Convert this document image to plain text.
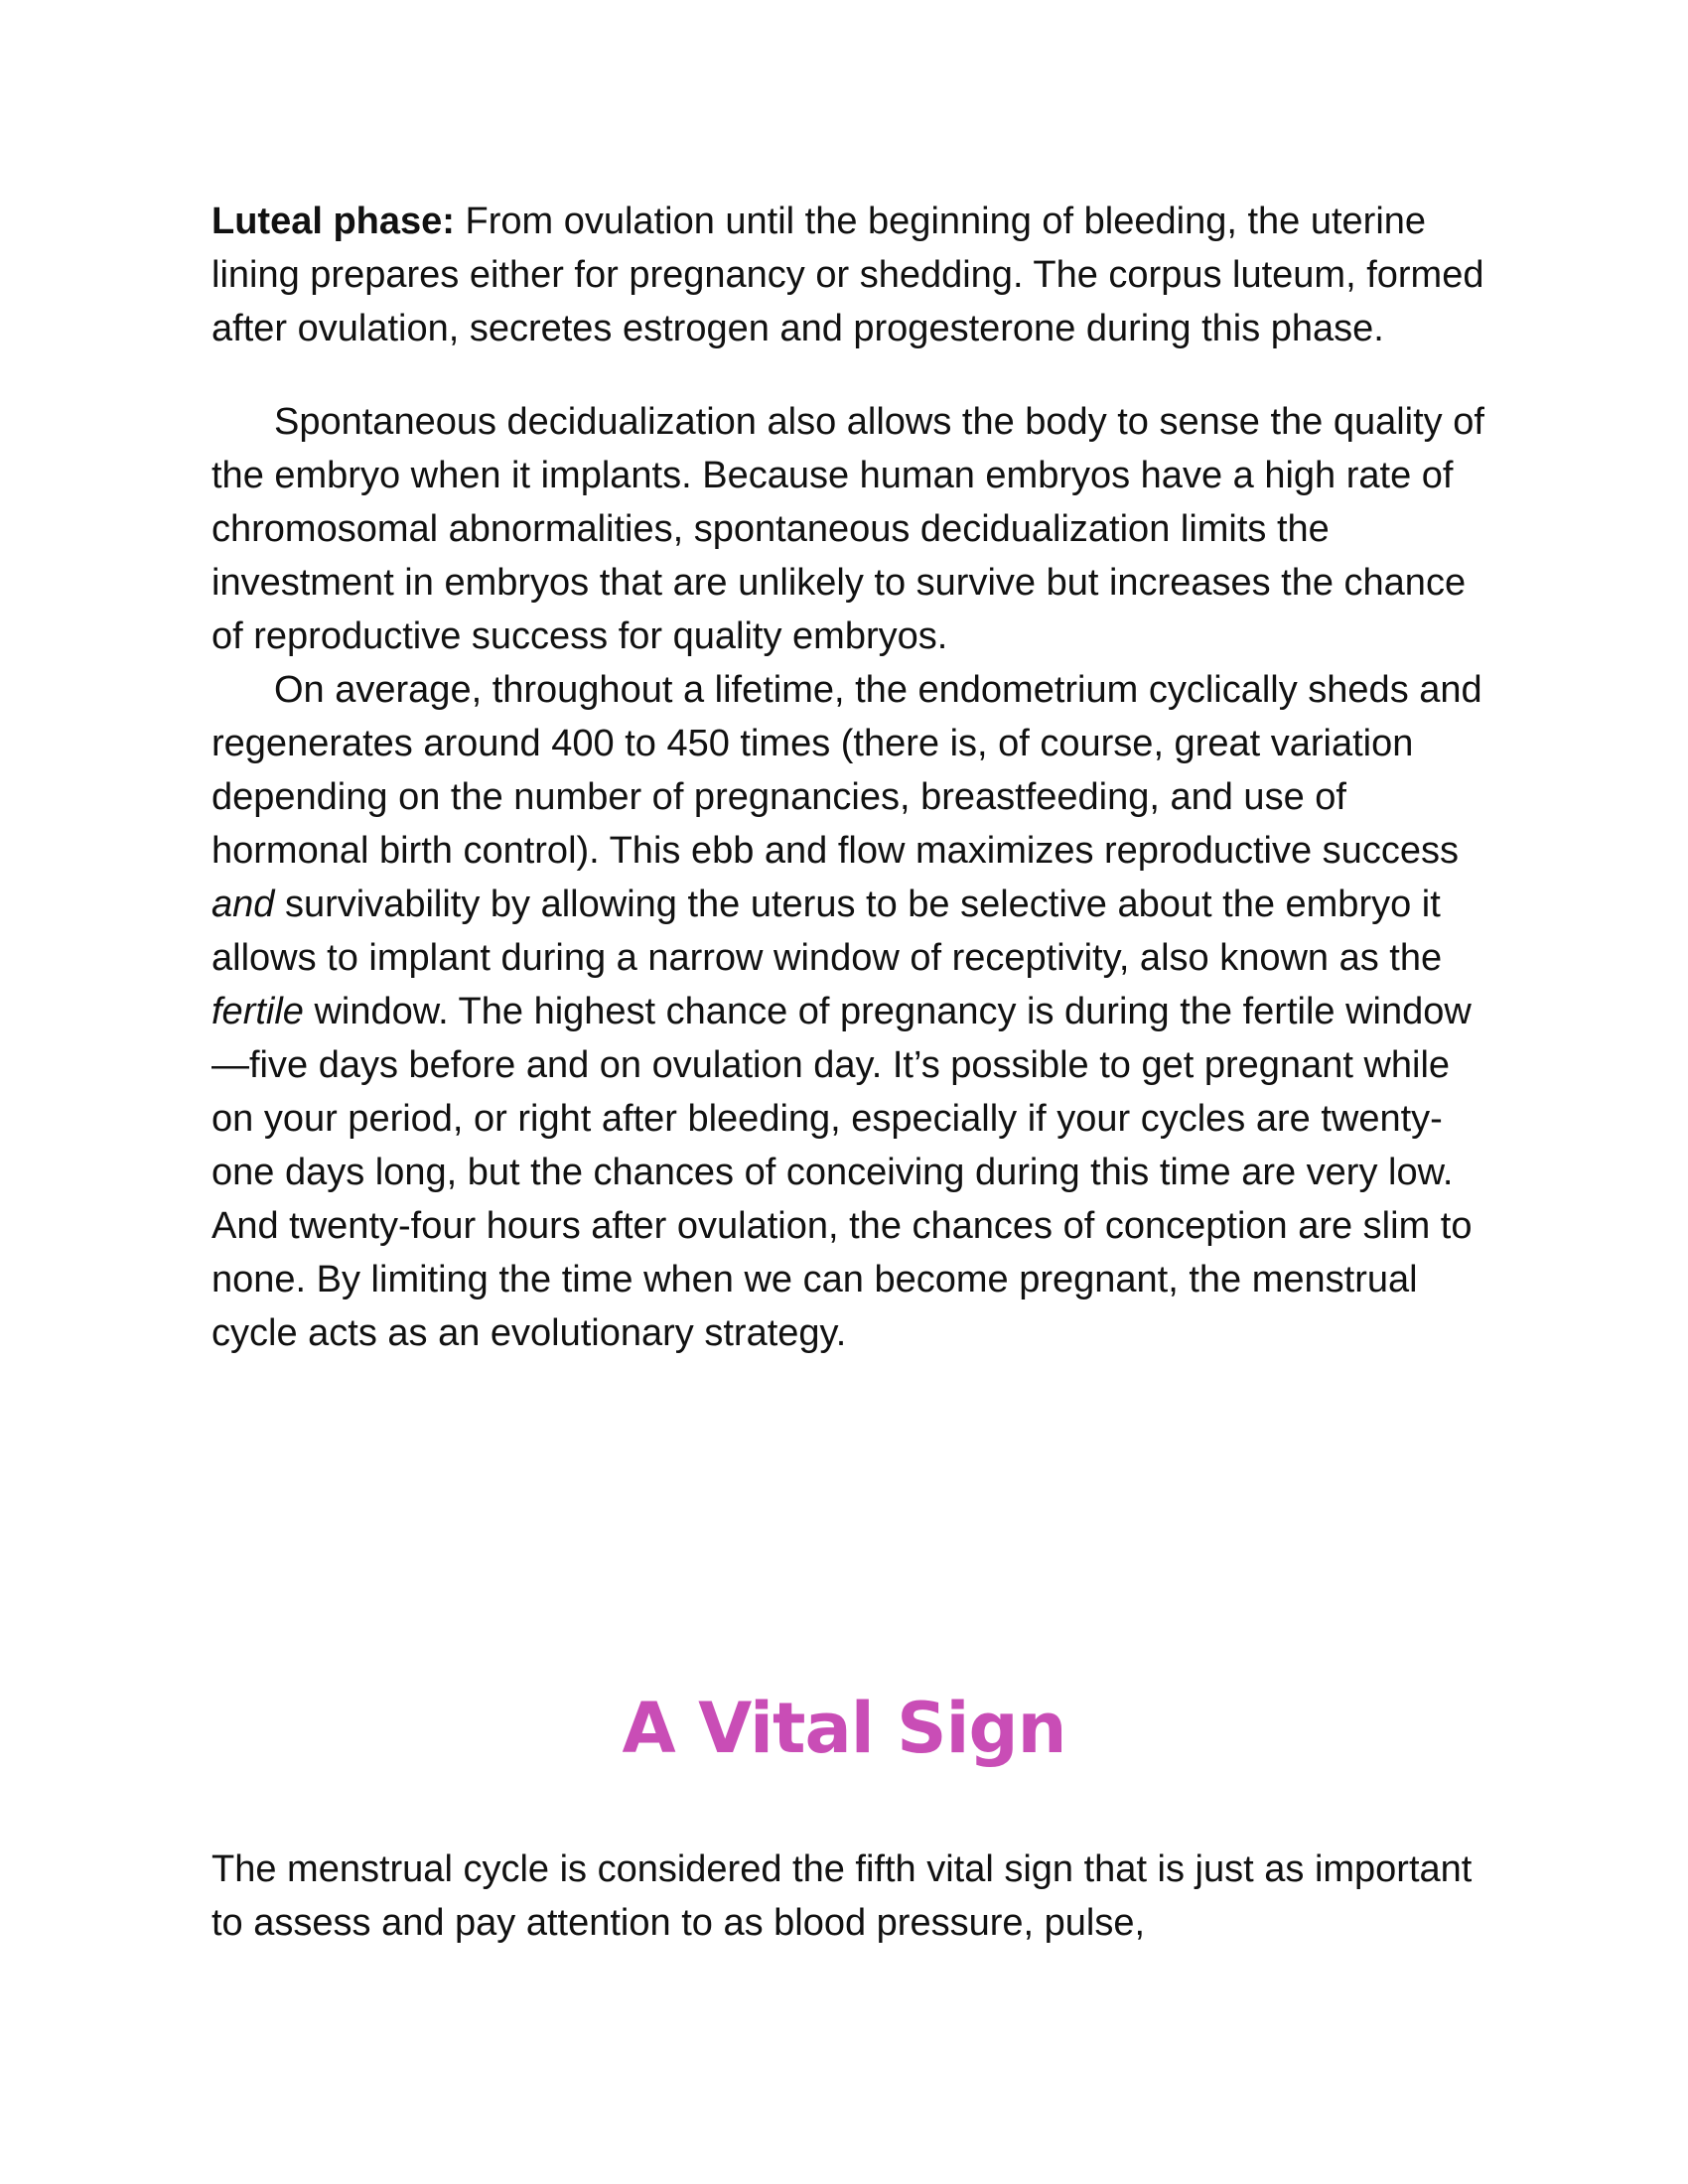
Luteal phase: From ovulation until the beginning of bleeding, the uterine lining prepares either for pregnancy or shedding. The corpus luteum, formed after ovulation, secretes estrogen and progesterone during this phase.

Spontaneous decidualization also allows the body to sense the quality of the embryo when it implants. Because human embryos have a high rate of chromosomal abnormalities, spontaneous decidualization limits the investment in embryos that are unlikely to survive but increases the chance of reproductive success for quality embryos.

On average, throughout a lifetime, the endometrium cyclically sheds and regenerates around 400 to 450 times (there is, of course, great variation depending on the number of pregnancies, breastfeeding, and use of hormonal birth control). This ebb and flow maximizes reproductive success and survivability by allowing the uterus to be selective about the embryo it allows to implant during a narrow window of receptivity, also known as the fertile window. The highest chance of pregnancy is during the fertile window—five days before and on ovulation day. It’s possible to get pregnant while on your period, or right after bleeding, especially if your cycles are twenty-one days long, but the chances of conceiving during this time are very low. And twenty-four hours after ovulation, the chances of conception are slim to none. By limiting the time when we can become pregnant, the menstrual cycle acts as an evolutionary strategy.

A Vital Sign

The menstrual cycle is considered the fifth vital sign that is just as important to assess and pay attention to as blood pressure, pulse,
